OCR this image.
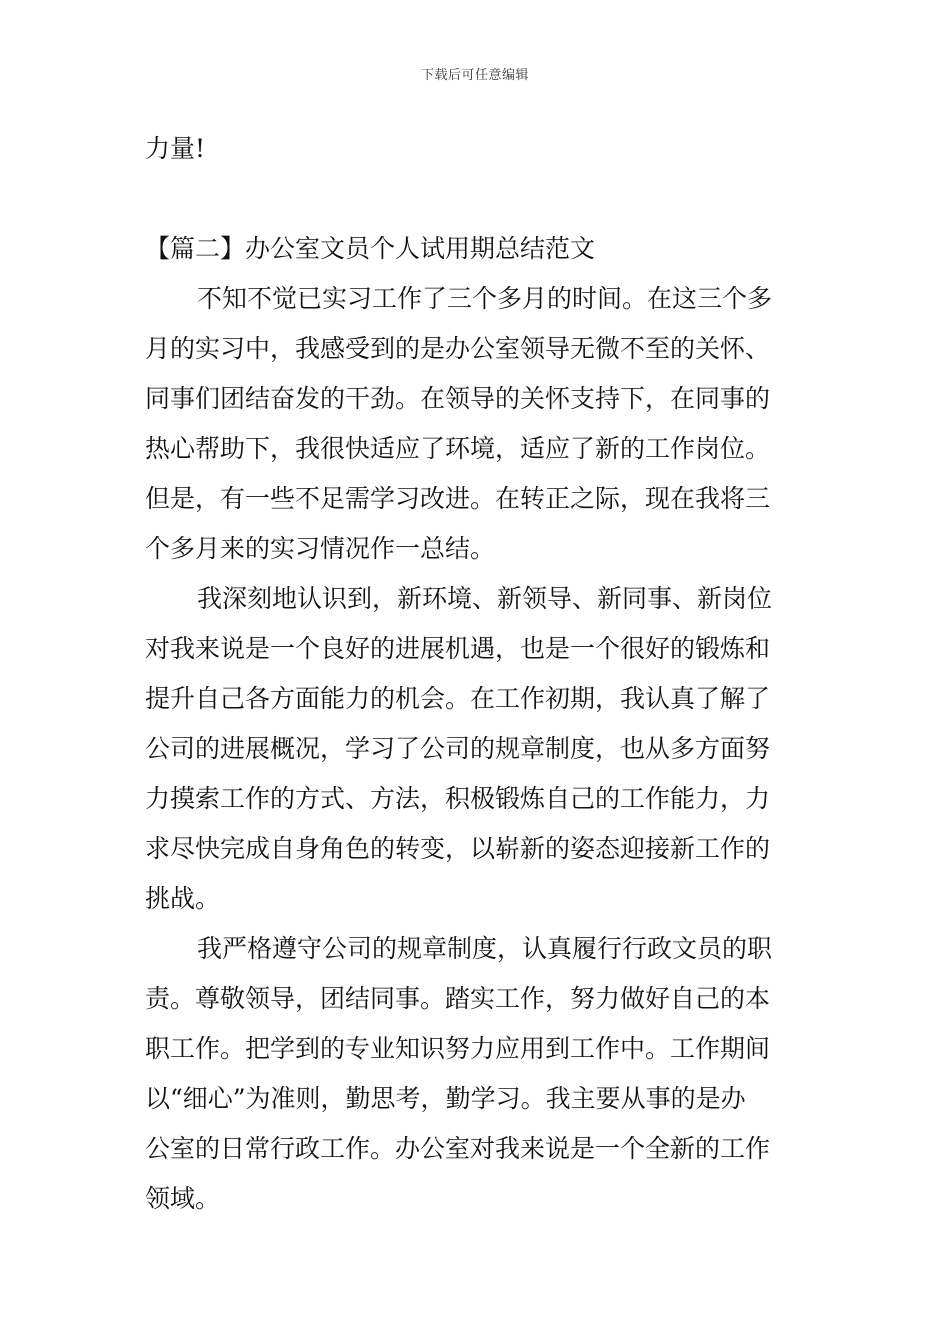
下载后可任意编辑
力量!
【篇二】办公室文员个人试用期总结范文
不知不觉已实习工作了三个多月的时间。在这三个多
月的实习中，我感受到的是办公室领导无微不至的关怀、
同事们团结奋发的干劲。在领导的关怀支持下，在同事的
热心帮助下，我很快适应了环境，适应了新的工作岗位。
但是，有一些不足需学习改进。在转正之际，现在我将三
个多月来的实习情况作一总结。
我深刻地认识到，新环境、新领导、新同事、新岗位
对我来说是一个良好的进展机遇，也是一个很好的锻炼和
提升自己各方面能力的机会。在工作初期，我认真了解了
公司的进展概况，学习了公司的规章制度，也从多方面努
力摸索工作的方式、方法，积极锻炼自己的工作能力，力
求尽快完成自身角色的转变，以崭新的姿态迎接新工作的
挑战。
我严格遵守公司的规章制度，认真履行行政文员的职
责。尊敬领导，团结同事。踏实工作，努力做好自己的本
职工作。把学到的专业知识努力应用到工作中。工作期间
以“细心”为准则，勤思考，勤学习。我主要从事的是办
公室的日常行政工作。办公室对我来说是一个全新的工作
领域。
